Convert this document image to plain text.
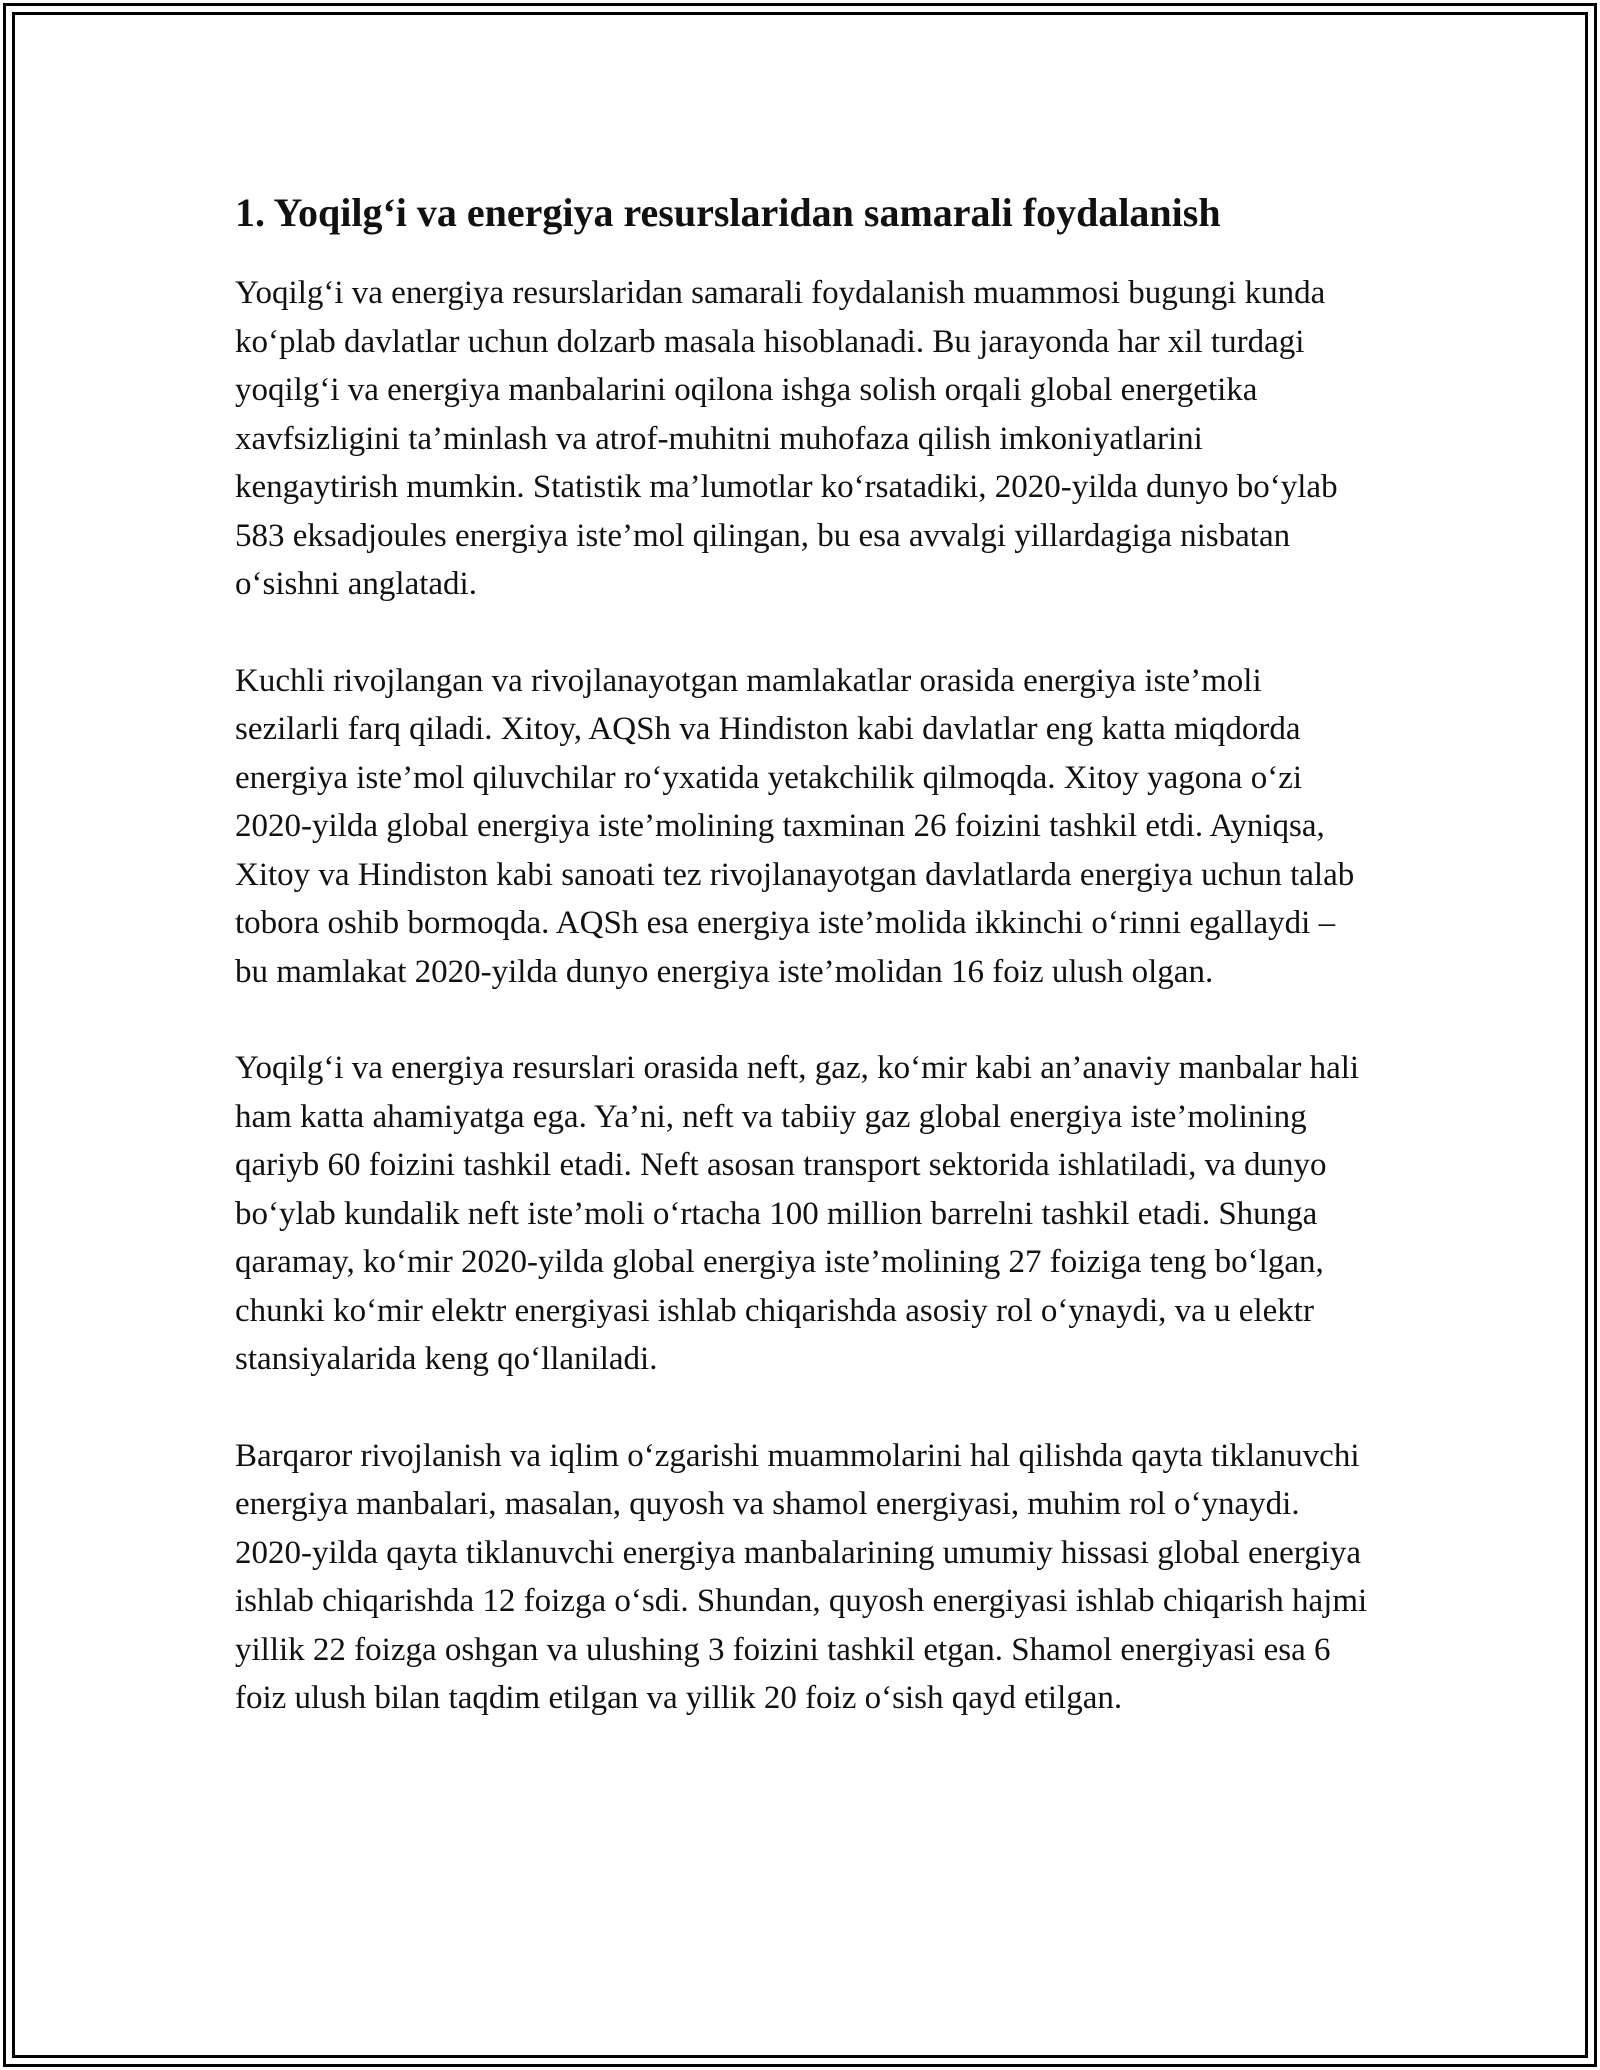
1. Yoqilg‘i va energiya resurslaridan samarali foydalanish

Yoqilg‘i va energiya resurslaridan samarali foydalanish muammosi bugungi kunda ko‘plab davlatlar uchun dolzarb masala hisoblanadi. Bu jarayonda har xil turdagi yoqilg‘i va energiya manbalarini oqilona ishga solish orqali global energetika xavfsizligini ta’minlash va atrof-muhitni muhofaza qilish imkoniyatlarini kengaytirish mumkin. Statistik ma’lumotlar ko‘rsatadiki, 2020-yilda dunyo bo‘ylab 583 eksadjoules energiya iste’mol qilingan, bu esa avvalgi yillardagiga nisbatan o‘sishni anglatadi.

Kuchli rivojlangan va rivojlanayotgan mamlakatlar orasida energiya iste’moli sezilarli farq qiladi. Xitoy, AQSh va Hindiston kabi davlatlar eng katta miqdorda energiya iste’mol qiluvchilar ro‘yxatida yetakchilik qilmoqda. Xitoy yagona o‘zi 2020-yilda global energiya iste’molining taxminan 26 foizini tashkil etdi. Ayniqsa, Xitoy va Hindiston kabi sanoati tez rivojlanayotgan davlatlarda energiya uchun talab tobora oshib bormoqda. AQSh esa energiya iste’molida ikkinchi o‘rinni egallaydi – bu mamlakat 2020-yilda dunyo energiya iste’molidan 16 foiz ulush olgan.

Yoqilg‘i va energiya resurslari orasida neft, gaz, ko‘mir kabi an’anaviy manbalar hali ham katta ahamiyatga ega. Ya’ni, neft va tabiiy gaz global energiya iste’molining qariyb 60 foizini tashkil etadi. Neft asosan transport sektorida ishlatiladi, va dunyo bo‘ylab kundalik neft iste’moli o‘rtacha 100 million barrelni tashkil etadi. Shunga qaramay, ko‘mir 2020-yilda global energiya iste’molining 27 foiziga teng bo‘lgan, chunki ko‘mir elektr energiyasi ishlab chiqarishda asosiy rol o‘ynaydi, va u elektr stansiyalarida keng qo‘llaniladi.

Barqaror rivojlanish va iqlim o‘zgarishi muammolarini hal qilishda qayta tiklanuvchi energiya manbalari, masalan, quyosh va shamol energiyasi, muhim rol o‘ynaydi. 2020-yilda qayta tiklanuvchi energiya manbalarining umumiy hissasi global energiya ishlab chiqarishda 12 foizga o‘sdi. Shundan, quyosh energiyasi ishlab chiqarish hajmi yillik 22 foizga oshgan va ulushing 3 foizini tashkil etgan. Shamol energiyasi esa 6 foiz ulush bilan taqdim etilgan va yillik 20 foiz o‘sish qayd etilgan.
